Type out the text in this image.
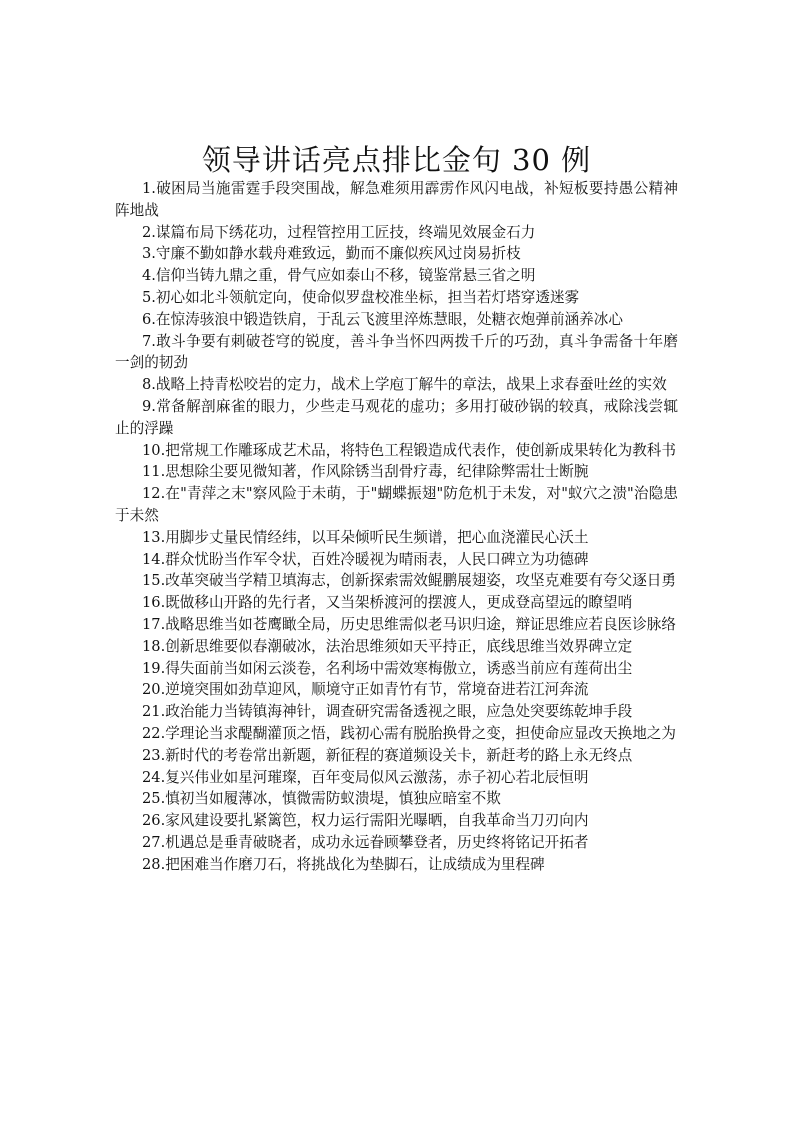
领导讲话亮点排比金句 30 例
1.破困局当施雷霆手段突围战，解急难须用霹雳作风闪电战，补短板要持愚公精神阵地战
2.谋篇布局下绣花功，过程管控用工匠技，终端见效展金石力
3.守廉不勤如静水载舟难致远，勤而不廉似疾风过岗易折枝
4.信仰当铸九鼎之重，骨气应如泰山不移，镜鉴常悬三省之明
5.初心如北斗领航定向，使命似罗盘校准坐标，担当若灯塔穿透迷雾
6.在惊涛骇浪中锻造铁肩，于乱云飞渡里淬炼慧眼，处糖衣炮弹前涵养冰心
7.敢斗争要有刺破苍穹的锐度，善斗争当怀四两拨千斤的巧劲，真斗争需备十年磨一剑的韧劲
8.战略上持青松咬岩的定力，战术上学庖丁解牛的章法，战果上求春蚕吐丝的实效
9.常备解剖麻雀的眼力，少些走马观花的虚功；多用打破砂锅的较真，戒除浅尝辄止的浮躁
10.把常规工作雕琢成艺术品，将特色工程锻造成代表作，使创新成果转化为教科书
11.思想除尘要见微知著，作风除锈当刮骨疗毒，纪律除弊需壮士断腕
12.在"青萍之末"察风险于未萌，于"蝴蝶振翅"防危机于未发，对"蚁穴之溃"治隐患于未然
13.用脚步丈量民情经纬，以耳朵倾听民生频谱，把心血浇灌民心沃土
14.群众忧盼当作军令状，百姓冷暖视为晴雨表，人民口碑立为功德碑
15.改革突破当学精卫填海志，创新探索需效鲲鹏展翅姿，攻坚克难要有夸父逐日勇
16.既做移山开路的先行者，又当架桥渡河的摆渡人，更成登高望远的瞭望哨
17.战略思维当如苍鹰瞰全局，历史思维需似老马识归途，辩证思维应若良医诊脉络
18.创新思维要似春潮破冰，法治思维须如天平持正，底线思维当效界碑立定
19.得失面前当如闲云淡卷，名利场中需效寒梅傲立，诱惑当前应有莲荷出尘
20.逆境突围如劲草迎风，顺境守正如青竹有节，常境奋进若江河奔流
21.政治能力当铸镇海神针，调查研究需备透视之眼，应急处突要练乾坤手段
22.学理论当求醍醐灌顶之悟，践初心需有脱胎换骨之变，担使命应显改天换地之为
23.新时代的考卷常出新题，新征程的赛道频设关卡，新赶考的路上永无终点
24.复兴伟业如星河璀璨，百年变局似风云激荡，赤子初心若北辰恒明
25.慎初当如履薄冰，慎微需防蚁溃堤，慎独应暗室不欺
26.家风建设要扎紧篱笆，权力运行需阳光曝晒，自我革命当刀刃向内
27.机遇总是垂青破晓者，成功永远眷顾攀登者，历史终将铭记开拓者
28.把困难当作磨刀石，将挑战化为垫脚石，让成绩成为里程碑
